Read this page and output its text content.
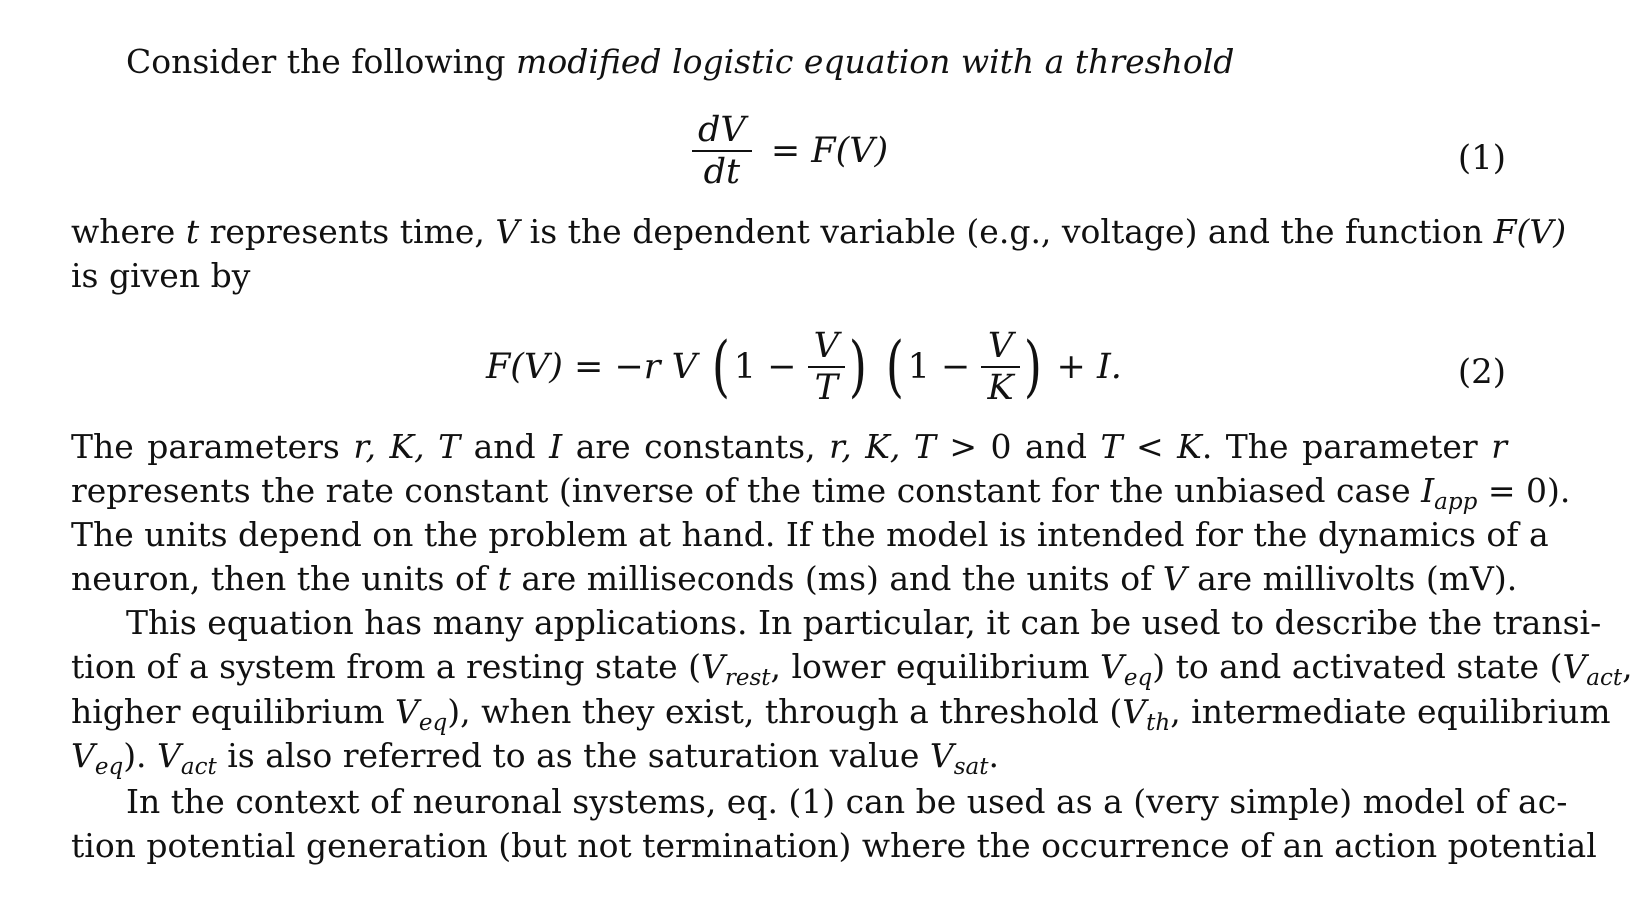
Consider the following modified logistic equation with a threshold
$\frac{dV}{dt} = F(V)$	(1)
where t represents time, V is the dependent variable (e.g., voltage) and the function F(V)
is given by
F(V) = −r V ( $1 - \frac{V}{T}$ ) ( $1 - \frac{V}{K}$ ) + I.	(2)
The parameters r, K, T and I are constants, r, K, T > 0 and T < K. The parameter r
represents the rate constant (inverse of the time constant for the unbiased case $I_{app} = 0$).
The units depend on the problem at hand. If the model is intended for the dynamics of a
neuron, then the units of t are milliseconds (ms) and the units of V are millivolts (mV).
This equation has many applications. In particular, it can be used to describe the transi-
tion of a system from a resting state ($V_{rest}$, lower equilibrium $V_{eq}$) to and activated state ($V_{act}$,
higher equilibrium $V_{eq}$), when they exist, through a threshold ($V_{th}$, intermediate equilibrium
$V_{eq}$). $V_{act}$ is also referred to as the saturation value $V_{sat}$.
In the context of neuronal systems, eq. (1) can be used as a (very simple) model of ac-
tion potential generation (but not termination) where the occurrence of an action potential
